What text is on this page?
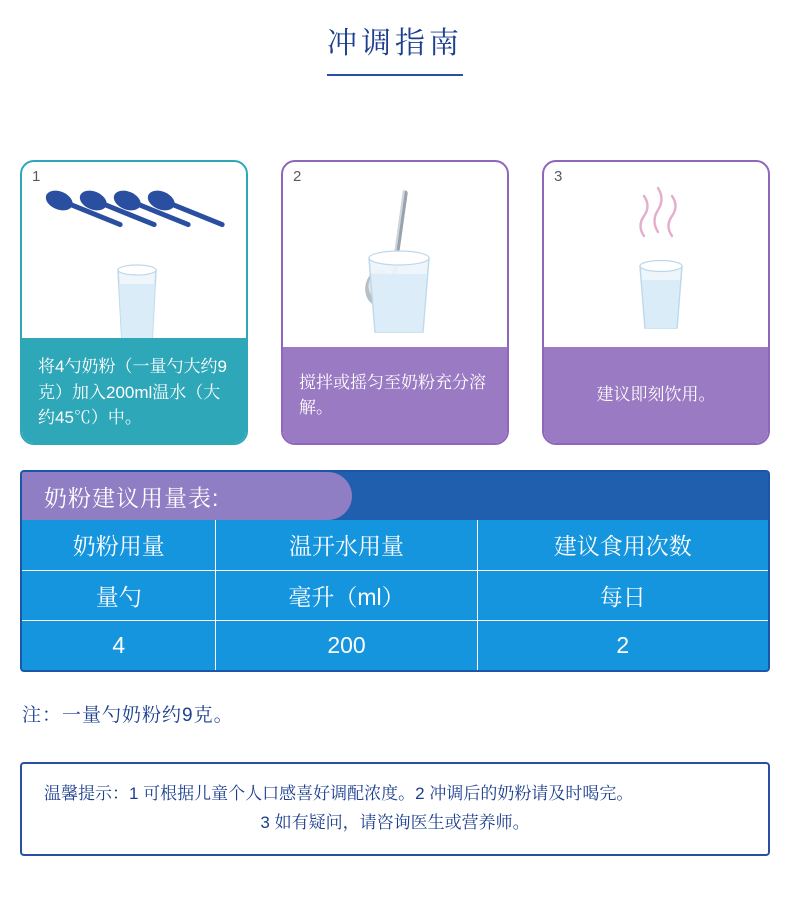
冲调指南
1
将4勺奶粉（一量勺大约9克）加入200ml温水（大约45℃）中。
2
搅拌或摇匀至奶粉充分溶解。
3
建议即刻饮用。
奶粉建议用量表:
奶粉用量	温开水用量	建议食用次数
量勺	毫升（ml）	每日
4	200	2
注：一量勺奶粉约9克。
温馨提示：1 可根据儿童个人口感喜好调配浓度。2 冲调后的奶粉请及时喝完。
3 如有疑问，请咨询医生或营养师。
